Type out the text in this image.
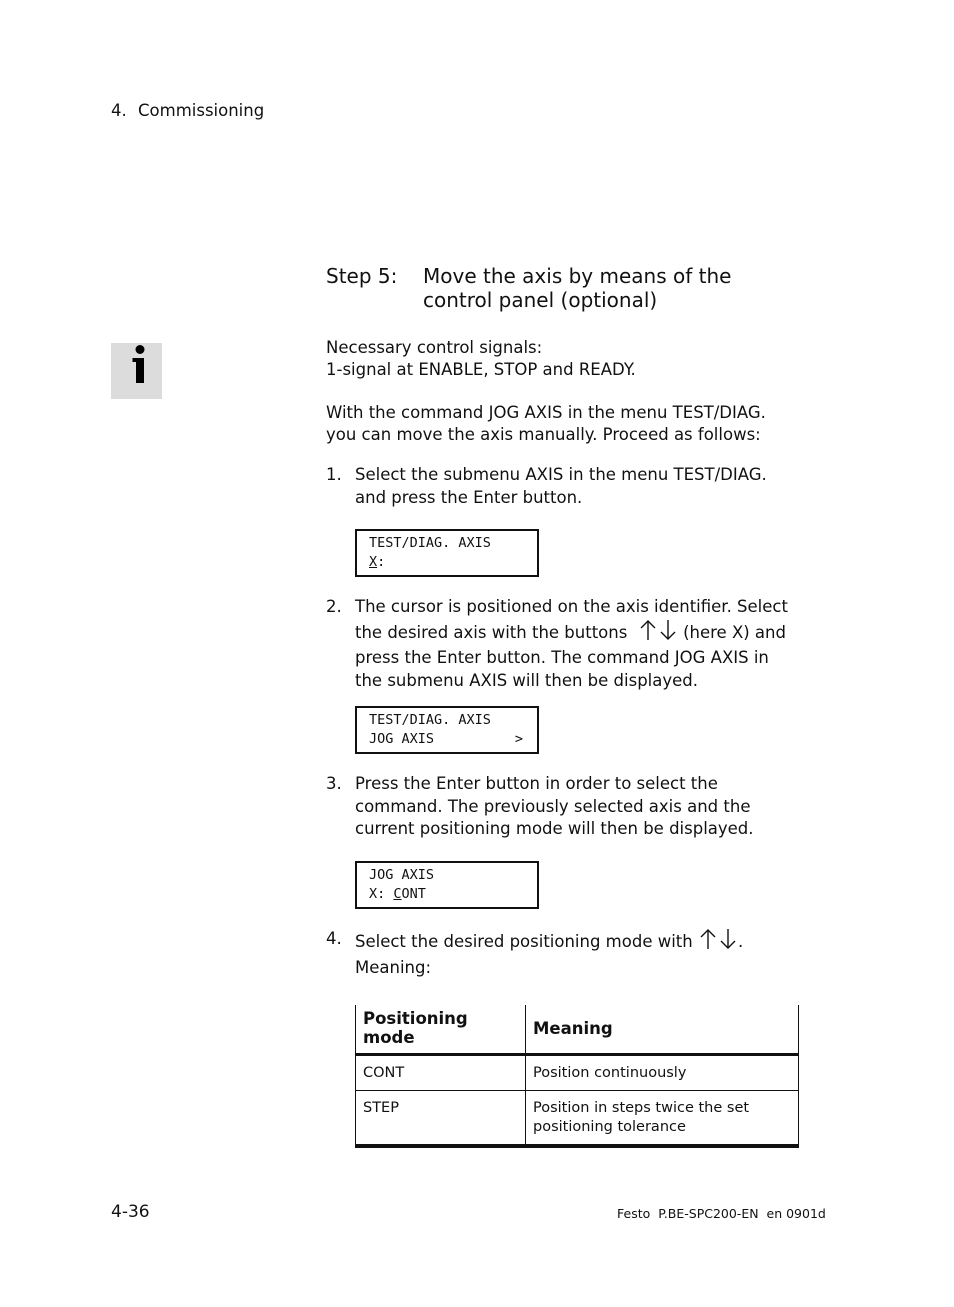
4. Commissioning
Step 5: Move the axis by means of the control panel (optional)
Necessary control signals:
1-signal at ENABLE, STOP and READY.
With the command JOG AXIS in the menu TEST/DIAG. you can move the axis manually. Proceed as follows:
1. Select the submenu AXIS in the menu TEST/DIAG. and press the Enter button.
TEST/DIAG. AXIS
X:
2. The cursor is positioned on the axis identifier. Select the desired axis with the buttons	(here X) and press the Enter button. The command JOG AXIS in the submenu AXIS will then be displayed.
TEST/DIAG. AXIS
JOG AXIS	>
3. Press the Enter button in order to select the command. The previously selected axis and the current positioning mode will then be displayed.
JOG AXIS
X: CONT
4. Select the desired positioning mode with	.
Meaning:
Positioning mode	Meaning
CONT	Position continuously
STEP	Position in steps twice the set positioning tolerance
4-36	Festo  P.BE-SPC200-EN  en 0901d
